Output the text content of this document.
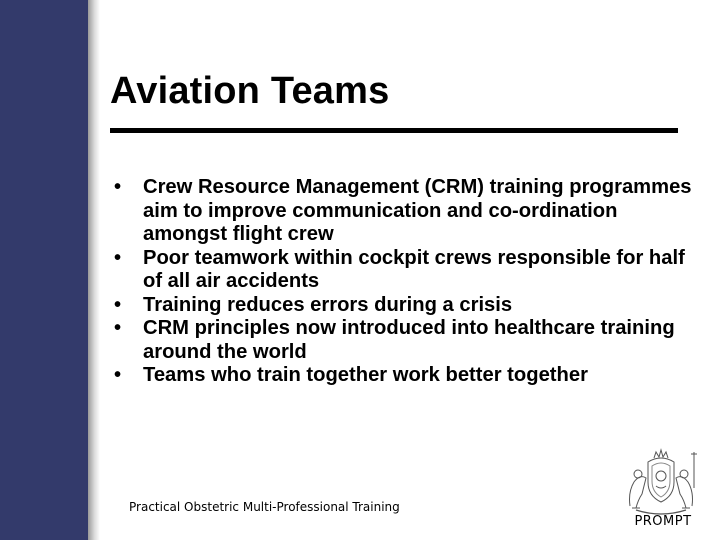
Aviation Teams
• Crew Resource Management (CRM) training programmes aim to improve communication and co-ordination amongst flight crew
• Poor teamwork within cockpit crews responsible for half of all air accidents
• Training reduces errors during a crisis
• CRM principles now introduced into healthcare training around the world
• Teams who train together work better together
Practical Obstetric Multi-Professional Training
PROMPT
